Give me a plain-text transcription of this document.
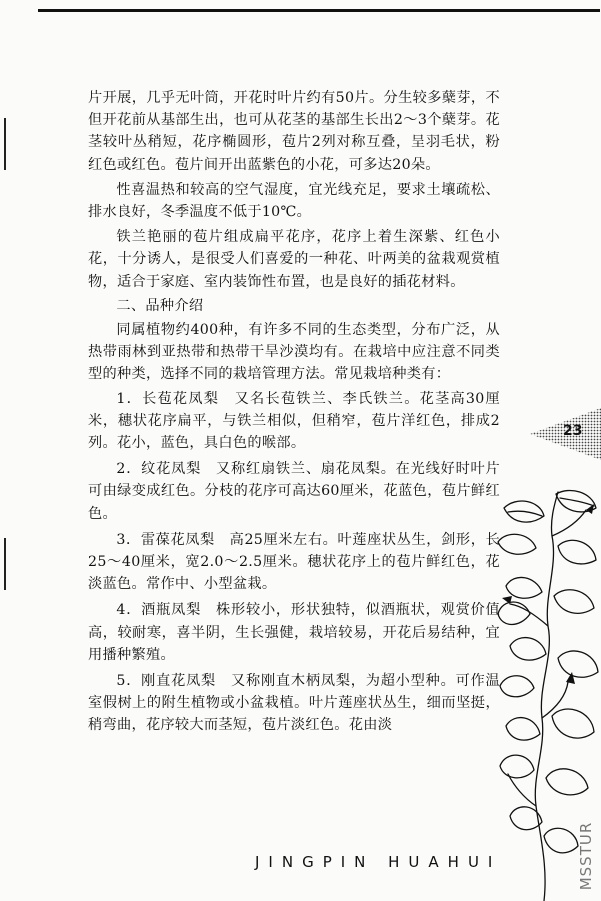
片开展，几乎无叶筒，开花时叶片约有50片。分生较多蘖芽，不但开花前从基部生出，也可从花茎的基部生长出2～3个蘖芽。花茎较叶丛稍短，花序椭圆形，苞片2列对称互叠，呈羽毛状，粉红色或红色。苞片间开出蓝紫色的小花，可多达20朵。

性喜温热和较高的空气湿度，宜光线充足，要求土壤疏松、排水良好，冬季温度不低于10℃。

铁兰艳丽的苞片组成扁平花序，花序上着生深紫、红色小花，十分诱人，是很受人们喜爱的一种花、叶两美的盆栽观赏植物，适合于家庭、室内装饰性布置，也是良好的插花材料。

二、品种介绍

同属植物约400种，有许多不同的生态类型，分布广泛，从热带雨林到亚热带和热带干旱沙漠均有。在栽培中应注意不同类型的种类，选择不同的栽培管理方法。常见栽培种类有：

1．长苞花凤梨　又名长苞铁兰、李氏铁兰。花茎高30厘米，穗状花序扁平，与铁兰相似，但稍窄，苞片洋红色，排成2列。花小，蓝色，具白色的喉部。

2．纹花凤梨　又称红扇铁兰、扇花凤梨。在光线好时叶片可由绿变成红色。分枝的花序可高达60厘米，花蓝色，苞片鲜红色。

3．雷葆花凤梨　高25厘米左右。叶莲座状丛生，剑形，长25～40厘米，宽2.0～2.5厘米。穗状花序上的苞片鲜红色，花淡蓝色。常作中、小型盆栽。

4．酒瓶凤梨　株形较小，形状独特，似酒瓶状，观赏价值高，较耐寒，喜半阴，生长强健，栽培较易，开花后易结种，宜用播种繁殖。

5．刚直花凤梨　又称刚直木柄凤梨，为超小型种。可作温室假树上的附生植物或小盆栽植。叶片莲座状丛生，细而坚挺，稍弯曲，花序较大而茎短，苞片淡红色。花由淡

23
JINGPIN HUAHUI	MSSTUR
